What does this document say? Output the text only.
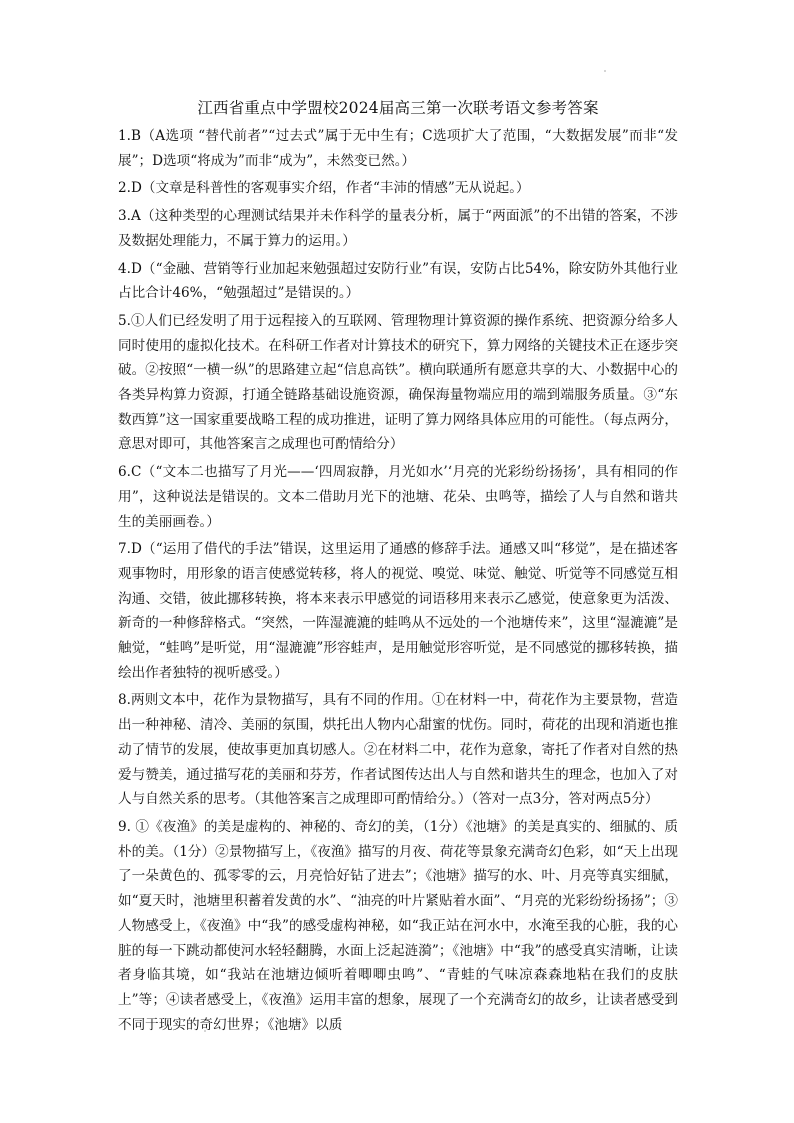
江西省重点中学盟校2024届高三第一次联考语文参考答案

1.B（A选项 “替代前者”“过去式”属于无中生有；C选项扩大了范围，“大数据发展”而非“发展”；D选项“将成为”而非“成为”，未然变已然。）

2.D（文章是科普性的客观事实介绍，作者“丰沛的情感”无从说起。）

3.A（这种类型的心理测试结果并未作科学的量表分析，属于“两面派”的不出错的答案，不涉及数据处理能力，不属于算力的运用。）

4.D（“金融、营销等行业加起来勉强超过安防行业”有误，安防占比54%，除安防外其他行业占比合计46%，“勉强超过”是错误的。）

5.①人们已经发明了用于远程接入的互联网、管理物理计算资源的操作系统、把资源分给多人同时使用的虚拟化技术。在科研工作者对计算技术的研究下，算力网络的关键技术正在逐步突破。②按照“一横一纵”的思路建立起“信息高铁”。横向联通所有愿意共享的大、小数据中心的各类异构算力资源，打通全链路基础设施资源，确保海量物端应用的端到端服务质量。③“东数西算”这一国家重要战略工程的成功推进，证明了算力网络具体应用的可能性。（每点两分，意思对即可，其他答案言之成理也可酌情给分）

6.C（“文本二也描写了月光——‘四周寂静，月光如水’‘月亮的光彩纷纷扬扬’，具有相同的作用”，这种说法是错误的。文本二借助月光下的池塘、花朵、虫鸣等，描绘了人与自然和谐共生的美丽画卷。）

7.D（“运用了借代的手法”错误，这里运用了通感的修辞手法。通感又叫“移觉”，是在描述客观事物时，用形象的语言使感觉转移，将人的视觉、嗅觉、味觉、触觉、听觉等不同感觉互相沟通、交错，彼此挪移转换，将本来表示甲感觉的词语移用来表示乙感觉，使意象更为活泼、新奇的一种修辞格式。“突然，一阵湿漉漉的蛙鸣从不远处的一个池塘传来”，这里“湿漉漉”是触觉，“蛙鸣”是听觉，用“湿漉漉”形容蛙声，是用触觉形容听觉，是不同感觉的挪移转换，描绘出作者独特的视听感受。）

8.两则文本中，花作为景物描写，具有不同的作用。①在材料一中，荷花作为主要景物，营造出一种神秘、清冷、美丽的氛围，烘托出人物内心甜蜜的忧伤。同时，荷花的出现和消逝也推动了情节的发展，使故事更加真切感人。②在材料二中，花作为意象，寄托了作者对自然的热爱与赞美，通过描写花的美丽和芬芳，作者试图传达出人与自然和谐共生的理念，也加入了对人与自然关系的思考。（其他答案言之成理即可酌情给分。）（答对一点3分，答对两点5分）

9. ①《夜渔》的美是虚构的、神秘的、奇幻的美，（1分）《池塘》的美是真实的、细腻的、质朴的美。（1分）②景物描写上，《夜渔》描写的月夜、荷花等景象充满奇幻色彩，如“天上出现了一朵黄色的、孤零零的云，月亮恰好钻了进去”；《池塘》描写的水、叶、月亮等真实细腻，如“夏天时，池塘里积蓄着发黄的水”、“油亮的叶片紧贴着水面”、“月亮的光彩纷纷扬扬”；③人物感受上，《夜渔》中“我”的感受虚构神秘，如“我正站在河水中，水淹至我的心脏，我的心脏的每一下跳动都使河水轻轻翻腾，水面上泛起涟漪”；《池塘》中“我”的感受真实清晰，让读者身临其境，如“我站在池塘边倾听着唧唧虫鸣”、“青蛙的气味凉森森地粘在我们的皮肤上”等；④读者感受上，《夜渔》运用丰富的想象，展现了一个充满奇幻的故乡，让读者感受到不同于现实的奇幻世界；《池塘》以质
